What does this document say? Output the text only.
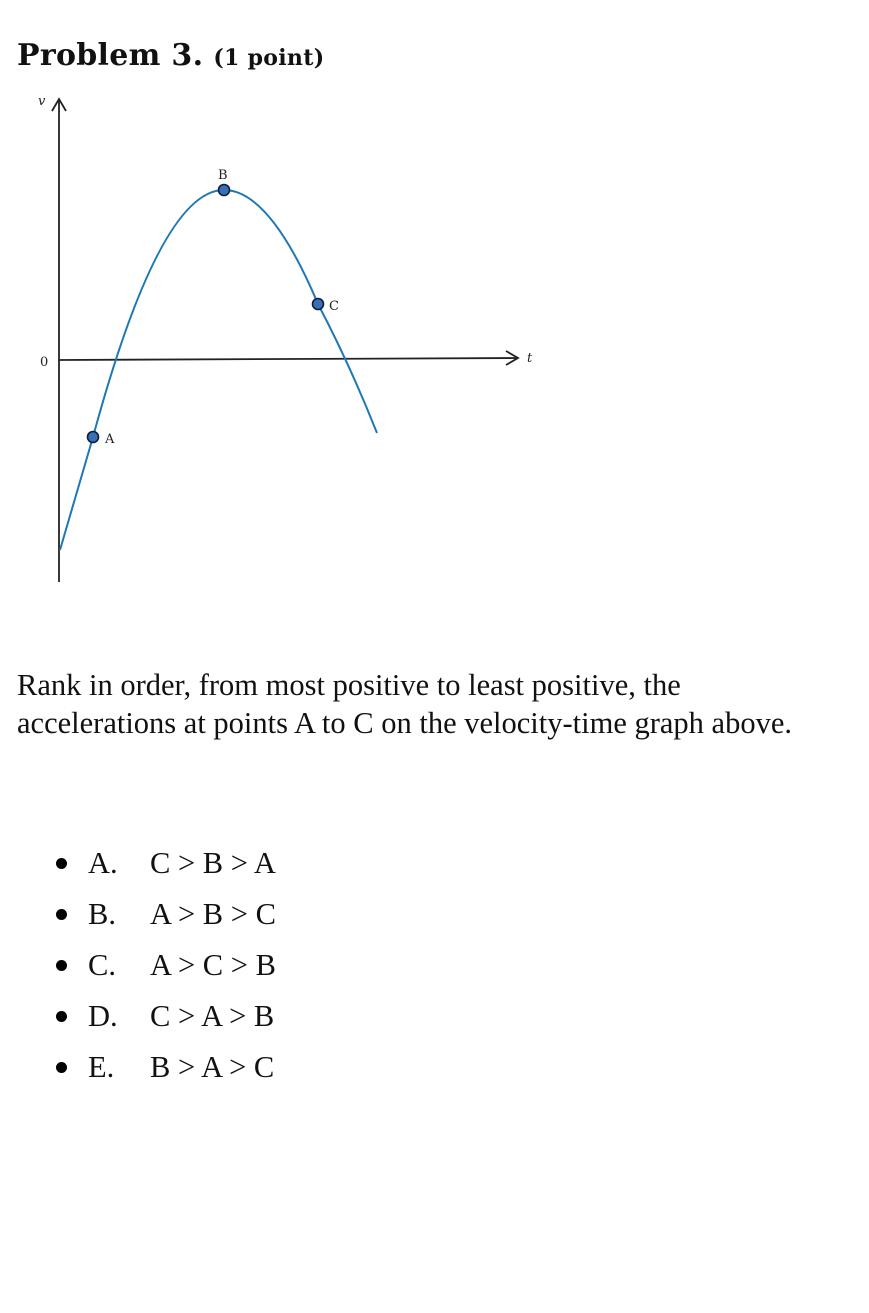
Problem 3. (1 point)
v
t
0
A
B
C

Rank in order, from most positive to least positive, the accelerations at points A to C on the velocity-time graph above.

A. C > B > A
B. A > B > C
C. A > C > B
D. C > A > B
E. B > A > C
